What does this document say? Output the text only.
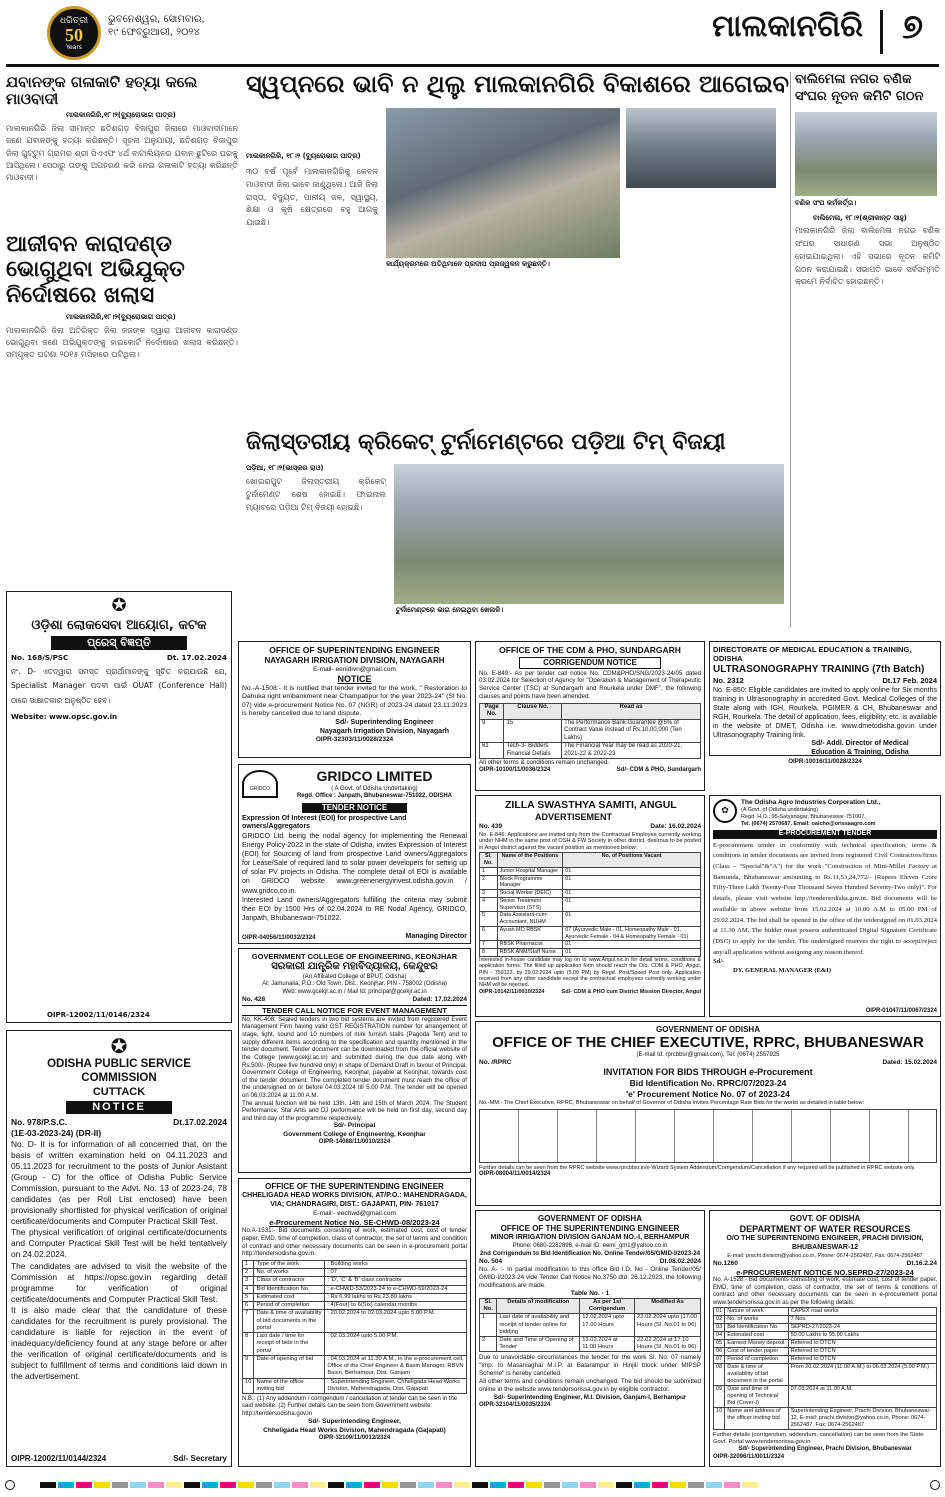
ଧରିତ୍ରୀ
50
Years
ଭୁବନେଶ୍ୱର, ସୋମବାର,
୧୯ ଫେବ୍ରୁଆରୀ, ୨୦୨୪	ମାଲକାନଗିରି ୭
ଯବାନଙ୍କ ଗଳାକାଟି ହତ୍ୟା କଲେ ମାଓବାଦୀ
ମାଲକାନଗିରି,୧୮।୨(ବ୍ୟୁରୋଭାଗ ପାତ୍ର)
ମାଲକାନଗିରି ଜିଲା ସୀମାନ୍ତ ଛତିଶଗଡ଼ ବିଜାପୁର ଜିଲାରେ ମାଓବାଦୀମାନେ ଜଣେ ଯବାନଙ୍କୁ ହତ୍ୟା କରିଛନ୍ତି। ସୂଚନା ଅନୁଯାୟୀ, ଛତିଶଗଡ଼ ବିଜାପୁର ଜିଲା ଗୁଟ୍ଟୁମ ଗ୍ରାମର ଶ୍ରୀ ସିଏଏଫ ୪ର୍ଥ ବାଟାଲିୟନର ଯବାନ ଛୁଟିରେ ଘରକୁ ଆସିଥିଲେ। ସେଠାରୁ ତାଙ୍କୁ ଅପହରଣ କରି ନେଇ ଗଳାକାଟି ହତ୍ୟା କରିଛନ୍ତି ମାଓବାଦୀ।
ଆଜୀବନ କାରାଦଣ୍ଡ ଭୋଗୁଥିବା ଅଭିଯୁକ୍ତ ନିର୍ଦୋଷରେ ଖଲାସ
ମାଲକାନଗିରି,୧୮।୨(ବ୍ୟୁରୋଭାଗ ପାତ୍ର)
ମାଲକାନଗିରି ଜିଲା ଅତିରିକ୍ତ ଜିଲା ଜଜଙ୍କ ଦ୍ୱାରା ଆଜୀବନ କାରାଦଣ୍ଡ ଭୋଗୁଥିବା ଜଣେ ଅଭିଯୁକ୍ତଙ୍କୁ ହାଇକୋର୍ଟ ନିର୍ଦୋଷରେ ଖଲାସ କରିଛନ୍ତି। ସମ୍ପୃକ୍ତ ଘଟଣା ୨୦୧୫ ମସିହାରେ ଘଟିଥିଲା।
ସ୍ୱପ୍ନରେ ଭାବି ନ ଥିଲୁ ମାଲକାନଗିରି ବିକାଶରେ ଆଗେଇବ
ମାଲକାନଗିରି, ୧୮।୨ (ବ୍ୟୁରୋଭାଗ ପାତ୍ର)
୩୦ ବର୍ଷ ପୂର୍ବେ ମାଲକାନଗିରିକୁ କେବଳ ମାଓବାଦୀ ଜିଲା ଭାବେ ଜାଣୁଥିଲେ। ଆଜି ଜିଲା ରାସ୍ତା, ବିଦ୍ୟୁତ, ପାନୀୟ ଜଳ, ସ୍ୱାସ୍ଥ୍ୟ, ଶିକ୍ଷା ଓ କୃଷି କ୍ଷେତ୍ରରେ ବହୁ ଆଗକୁ ଯାଇଛି।
କାର୍ଯ୍ୟକ୍ରମରେ ଅତିଥିମାନେ ପ୍ରଦୀପ ପ୍ରଜ୍ୱଳନ କରୁଛନ୍ତି।
ବାଲିମେଳା ନଗର ବଣିକ ସଂଘର ନୂତନ କମିଟି ଗଠନ
ବଣିକ ସଂଘ କର୍ମକର୍ତ୍ତା।
ବାଲିମେଳା, ୧୮।୨(ଶ୍ରୀକାନ୍ତ ସାହୁ)
ମାଲକାନଗିରି ଜିଲା ବାଲିମେଳା ନଗର ବଣିକ ସଂଘର ସାଧାରଣ ସଭା ଅନୁଷ୍ଠିତ ହୋଇଯାଇଥିଲା। ଏହି ସଭାରେ ନୂତନ କମିଟି ଗଠନ କରାଯାଇଛି। ସଭାପତି ଭାବେ ସର୍ବସମ୍ମତି କ୍ରମେ ନିର୍ବାଚିତ ହୋଇଛନ୍ତି।
ଜିଲାସ୍ତରୀୟ କ୍ରିକେଟ୍ ଟୁର୍ନାମେଣ୍ଟରେ ପଡ଼ିଆ ଟିମ୍ ବିଜୟୀ
ପଡ଼ିଆ, ୧୮।୨(ଭାସ୍କର ରାଓ)
ଖୋଇରପୁଟ ଜିଲାସ୍ତରୀୟ କ୍ରିକେଟ୍ ଟୁର୍ନାମେଣ୍ଟ ଶେଷ ହୋଇଛି। ଫାଇନାଲ ମ୍ୟାଚରେ ପଡ଼ିଆ ଟିମ୍ ବିଜୟୀ ହୋଇଛି।
ଟୁର୍ନାମେଣ୍ଟରେ ଭାଗ ନେଇଥିବା ଖେଳାଳି।
✪
ଓଡ଼ିଶା ଲୋକସେବା ଆୟୋଗ, କଟକ
ପ୍ରେସ୍ ବିଜ୍ଞପ୍ତି
No. 168/S/PSC	Dt. 17.02.2024
ନଂ. D- ଏତଦ୍ୱାରା ସମସ୍ତ ପ୍ରାର୍ଥୀମାନଙ୍କୁ ସୂଚିତ କରାଯାଉଛି ଯେ, Specialist Manager ପଦବୀ ପାଇଁ OUAT (Conference Hall) ଠାରେ ସାକ୍ଷାତକାର ଅନୁଷ୍ଠିତ ହେବ।
Website: www.opsc.gov.in
OIPR-12002/11/0146/2324
✪
ODISHA PUBLIC SERVICE COMMISSION
CUTTACK
NOTICE
No. 978/P.S.C.	Dt.17.02.2024
(1E-03-2023-24) (DR-II)
No. D- It is for information of all concerned that, on the basis of written examination held on 04.11.2023 and 05.11.2023 for recruitment to the posts of Junior Asistant (Group - C) for the office of Odisha Public Service Commission, pursuant to the Advt. No. 13 of 2023-24, 78 candidates (as per Roll List enclosed) have been provisionally shortlisted for physical verification of original certificate/documents and Computer Practical Skill Test.
The physical verification of original certificate/documents and Computer Practical Skill Test will be held tentatively on 24.02.2024.
The candidates are advised to visit the website of the Commission at https://opsc.gov.in regarding detail programme for verification of original certificate/documents and Computer Practical Skill Test.
It is also made clear that the candidature of these candidates for the recruitment is purely provisional. The candidature is liable for rejection in the event of inadequacy/deficiency found at any stage before or after the verification of original certificate/documents and is subject to fulfillment of terms and conditions laid down in the advertisement.
OIPR-12002/11/0144/2324	Sd/- Secretary
OFFICE OF SUPERINTENDING ENGINEER
NAYAGARH IRRIGATION DIVISION, NAYAGARH
E-mail- eenidivn@gmail.com
NOTICE
No.-A-1508:- It is notified that tender invited for the work, " Restoration to Dahuka right embankment near Champatipur for the year 2023-24" (Sl No. 07) vide e-procurement Notice No. 07 (NGR) of 2023-24 dated 23.11.2023 is hereby cancelled due to land dispute.
Sd/- Superintending Engineer
Nayagarh Irrigation Division, Nayagarh
OIPR-32303/11/0028/2324
GRIDCO
GRIDCO LIMITED
( A Govt. of Odisha Undertaking)
Regd. Office : Janpath, Bhubaneswar-751022, ODISHA
TENDER NOTICE
Expression Of Interest (EOI) for prospective Land owners/Aggregators
GRIDCO Ltd. being the nodal agency for implementing the Renewal Energy Policy-2022 in the state of Odisha, invites Expression of Interest (EOI) for Sourcing of land from prospective Land owners/Aggregators for Lease/Sale of required land to solar power developers for setting up of solar PV projects in Odisha. The complete detail of EOI is available on GRIDCO website www.greenenergyinvest.odisha.gov.in / www.gridco.co.in.
Interested Land owners/Aggregators fulfilling the criteria may submit their EOI by 1500 Hrs of 02.04.2024 to RE Nodal Agency, GRIDCO, Janpath, Bhubaneswar-751022.
OIPR-04056/11/0032/2324	Managing Director
GOVERNMENT COLLEGE OF ENGINEERING, KEONJHAR
ସରକାରୀ ଯାନ୍ତ୍ରିକ ମହାବିଦ୍ୟାଳୟ, କେନ୍ଦୁଝର
(An Affiliated College of BPUT, Odisha)
At: Jamunalia, P.O.: Old Town, Dist.: Keonjhar, PIN - 758002 (Odisha)
Web: www.gcekjr.ac.in / Mail Id: principal@gcekjr.ac.in
No. 428	Dated: 17.02.2024
TENDER CALL NOTICE FOR EVENT MANAGEMENT
No. KK-408: Sealed tenders in two bid systems are invited from registered Event Management Firm having valid GST REGISTRATION number for arrangement of stage, light, sound and 10 numbers of mini furnish stalls (Pagoda Tent) and to supply different items according to the specification and quantity mentioned in the tender document. Tender document can be downloaded from the official website of the College (www.gcekjr.ac.in) and submitted during the due date along with Rs.500/- (Rupee five hundred only) in shape of Demand Draft in favour of Principal, Government College of Engineering, Keonjhar, payable at Keonjhar, towards cost of the tender document. The completed tender document must reach the office of the undersigned on or before 04.03.2024 till 5.00 P.M. The tender will be opened on 06.03.2024 at 11.00 A.M.
The annual function will be held 13th, 14th and 15th of March 2024. The Student Performance, Star Artis and DJ performance will be held on first day, second day and third day of the programme respectively.
Sd/- Principal
Government College of Engineering, Keonjhar
OIPR-14088/11/0010/2324
OFFICE OF THE SUPERINTENDING ENGINEER
CHHELIGADA HEAD WORKS DIVISION, AT/P.O.: MAHENDRAGADA, VIA; CHANDRAGIRI, DIST.: GAJAPATI, PIN- 761017
E-mail:- eechwd@gmail.com
e-Procurement Notice No. SE-CHWD-08/2023-24
No.A-1531:- Bid documents consisting of work, estimated cost, cost of tender paper, EMD, time of completion, class of contractor, the set of terms and condition of contract and other necessary documents can be seen in e-procurement portal http://tendersodisha.gov.in.
1	Type of the work	: Building works
2	No. of works	: 07
3	Class of contractor	: 'D', 'C' & 'B' class contractor
4	Bid Identification No.	: e-CHWD-53/2023-24 to e-CHWD-59/2023-24
5	Estimated cost	: Rs 6.99 lakhs to Rs 23.89 lakhs
6	Period of completion	: 4(Four) to 6(Six) calendar months
7	Date & time of availability of bid documents in the portal	: 20.02.2024 to 02.03.2024 upto 5.00 P.M.
8	Last date / time for receipt of bids in the portal	: 02.03.2024 upto 5.00 P.M.
9	Date of opening of bid	: 04.03.2024 at 11.30 A.M., in the e-procurement cell, Office of the Chief Engineer & Basin Manager, RBVN Basin, Berhampur, Dist. Ganjam
10	Name of the office inviting bid	: Superintending Engineer, Chheligada Head Works Division, Mahendragada, Dist. Gajapati
N.B.: (1) Any addendum / corrigendum / cancellation of tender can be seen in the said website. (2) Further details can be seen from Government website: http://tendersodisha.gov.in
Sd/- Superintending Engineer,
Chheligada Head Works Division, Mahendragada (Gajapati)
OIPR-32109/11/0012/2324
OFFICE OF THE CDM & PHO, SUNDARGARH
CORRIGENDUM NOTICE
No. E-849:- As per tender call notice No. CDM&PHO/SNG/2023-24/05 dated 03.02.2024 for Selection of Agency for "Operation & Management of Therapeutic Service Center (TSC) at Sundargarh and Rourkela under DMF", the following clauses and points have been amended.
Page No.	Clause No.	Read as
9	15	The Performance Bank Guarantee @5% of Contract Value instead of Rs.10,00,000 (Ten Lakhs)
61	Tech-3- Bidders Financial Details	The Financial Year may be read as 2020-21, 2021-22 & 2022-23
All other terms & conditions remain unchanged.
OIPR-10100/11/0036/2324	Sd/- CDM & PHO, Sundargarh
ZILLA SWASTHYA SAMITI, ANGUL
ADVERTISEMENT
No. 439	Date: 16.02.2024
No. E-846: Applications are invited only from the Contractual Employee currently working under NHM in the same post of OSH & FW Society in other district, desirous to be posted in Angul district against the vacant position as mentioned below:
Sl. No.	Name of the Positions	No. of Positions Vacant
1	Junior Hospital Manager	01
2	Block Programme Manager	01
3	Social Worker (DEIC)	01
4	Senior Treatment Supervisor (STS)	01
5	Data Assistant-cum-Accountant, NUHM	01
6	Ayush MO RBSK	07 (Ayurvedic Male - 01, Homeopathy Male - 01, Ayurvedic Female - 04 & Homeopathy Female - 01)
7	RBSK Pharmacist	01
8	RBSK ANM/Staff Nurse	01
Interested in-house candidate may log on to www.Angul.nic.in for detail terms, conditions & application forms. The filled up application form should reach the O/o. CDM & PHO, Angul, PIN - 759122, by 29.02.2024 upto (5.00 PM) by Regd. Post/Speed Post only. Application received from any other candidate except the contractual employees currently working under NHM will be rejected.
OIPR-10142/11/0010/2324	Sd/- CDM & PHO cum District Mission Director, Angul
DIRECTORATE OF MEDICAL EDUCATION & TRAINING, ODISHA
ULTRASONOGRAPHY TRAINING (7th Batch)
No. 2312	Dt.17 Feb. 2024
No. E-850: Eligible candidates are invited to apply online for Six months training in Ultrasonography in accredited Govt. Medical Colleges of the State along with IGH, Rourkela, PGIMER & CH, Bhubaneswar and RGH, Rourkela. The detail of application, fees, eligibility, etc. is available in the website of DMET, Odisha i.e. www.dmetodisha.gov.in under Ultrasonography Training link.
Sd/- Addl. Director of Medical
Education & Training, Odisha
OIPR-10016/11/0028/2324
✿
The Odisha Agro Industries Corporation Ltd.,
(A Govt. of Odisha undertaking)
Regd. H.O.: 95-Satyanagar, Bhubaneswar-751007,
Tel. (0674) 2570687, Email: oaicho@orissaagro.com
E-PROCUREMENT TENDER
E-procurement tender in conformity with technical specification, terms & conditions in tender documents are invited from registered Civil Contractors/firms (Class – "Special"&"A") for the work "Construction of Mini-Millet Factory at Bamunda, Bhubaneswar amounting to Rs.11,53,24,772/- (Rupees Eleven Crore Fifty-Three Lakh Twenty-Four Thousand Seven Hundred Seventy-Two only)". For details, please visit website http://tendersodisha.gov.in. Bid documents will be available in above website from 15.02.2024 at 10.00 A.M to 05.00 PM of 29.02.2024. The bid shall be opened in the office of the undersigned on 01.03.2024 at 11.30 AM. The bidder must possess authenticated Digital Signature Certificate (DSC) to apply for the tender. The undersigned reserves the right to accept/reject any/all application without assigning any reason thereof.
Sd/-
DY. GENERAL MANAGER (E&I)
OIPR-01047/11/0067/2324
GOVERNMENT OF ODISHA
OFFICE OF THE CHIEF EXECUTIVE, RPRC, BHUBANESWAR
(E-mail Id: rprcbbsr@gmail.com), Tel: (0674) 2557925
No. /RPRC	Dated: 15.02.2024
INVITATION FOR BIDS THROUGH e-Procurement
Bid Identification No. RPRC/07/2023-24
'e' Procurement Notice No. 07 of 2023-24
No.-MM:- The Chief Executive, RPRC, Bhubaneswar on behalf of Governor of Odisha invites Percentage Rate Bids for the works as detailed in table below:
Further details can be seen from the RPRC website www.rprcbbsr.in/e-Wizard System Addendum/Corrigendum/Cancellation if any required will be published in RPRC website only.
OIPR-08004/11/0014/2324
GOVERNMENT OF ODISHA
OFFICE OF THE SUPERINTENDING ENGINEER
MINOR IRRIGATION DIVISION GANJAM NO.-I, BERHAMPUR
Phone: 0680-2282896, e-mail ID: eemi_gm1@yahoo.co.in
2nd Corrigendum to Bid Identification No. Online Tender/05/GMID-I/2023-24
No. 504	Dt.08.02.2024
No. A- :- In partial modification to this office Bid I.D. No - Online Tender/05/ GMID-I/2023-24 vide Tender Call Notice No.3750 dtd. 26.12.2023, the following modifications are made.
Table No. - 1
Sl. No.	Details of modification	As per 1st Corrigendum	Modified As
1	Last date of availability and receipt of tender online for bidding	12.02.2024 upto 17.00 Hours	22.02.2024 upto (17.00 Hours (Sl. No.01 to 06)
2	Date and Time of Opening of Tender	13.02.2024 at 11.00 Hours	22.02.2024 at 17.10 Hours (Sl. No.01 to 06)
Due to unavoidable circumstances the tender for the work Sl. No. 07 namely "Imp. to Masaniaghai M.I.P. at Balarampur in Hinjili block under MIPSP Scheme" is hereby cancelled.
All other terms and conditions remain unchanged. The bid should be submitted online in the website www.tendersorissa.gov.in by eligible contractor.
Sd/- Superintending Engineer, M.I. Division, Ganjam-I, Berhampur
OIPR-32104/11/0035/2324
GOVT. OF ODISHA
DEPARTMENT OF WATER RESOURCES
O/O THE SUPERINTENDING ENGINEER, PRACHI DIVISION, BHUBANESWAR-12
E-mail: prachi.division@yahoo.co.in, Phone: 0674-2562487, Fax: 0674-2562487
No.1260	Dt.16.2.24
e-PROCUREMENT NOTICE NO.SEPRD-27/2023-24
No. A-1528:- Bid documents consisting of work, estimate cost, cost of tender paper, EMD, time of completion, class of contractor, the set of terms & conditions of contract and other necessary documents can be seen in e-procurement portal www.tendersorissa.gov.in as per the following details:
01	Nature of work	CAPEX road works
02	No. of works	7 Nos.
03	Bid Identification No.	SEPRD-27/2023-24
04	Estimated cost	50.00 Lakhs to 95.00 Lakhs
05	Earnest Money deposit	Referred to DTCN
06	Cost of tender paper	Referred to DTCN
07	Period of completion	Referred to DTCN
08	Date & time of availability of bid document in the portal	From 20.02.2024 (11.00 A.M.) to 06.03.2024 (5.00 P.M.)
09	Date and time of opening of Technical Bid (Cover-I)	07.03.2024 at 11.00 A.M.
10	Name and address of the officer inviting bid	Superintending Engineer, Prachi Division, Bhubaneswar-12, E-mail: prachi.division@yahoo.co.in, Phone: 0674-2562487, Fax: 0674-2562487
Further details (corrigendum, addendum, cancellation) can be seen from the State Govt. Portal www.tendersorissa.gov.in
Sd/- Superintending Engineer, Prachi Division, Bhubaneswar
OIPR-32096/11/0011/2324
